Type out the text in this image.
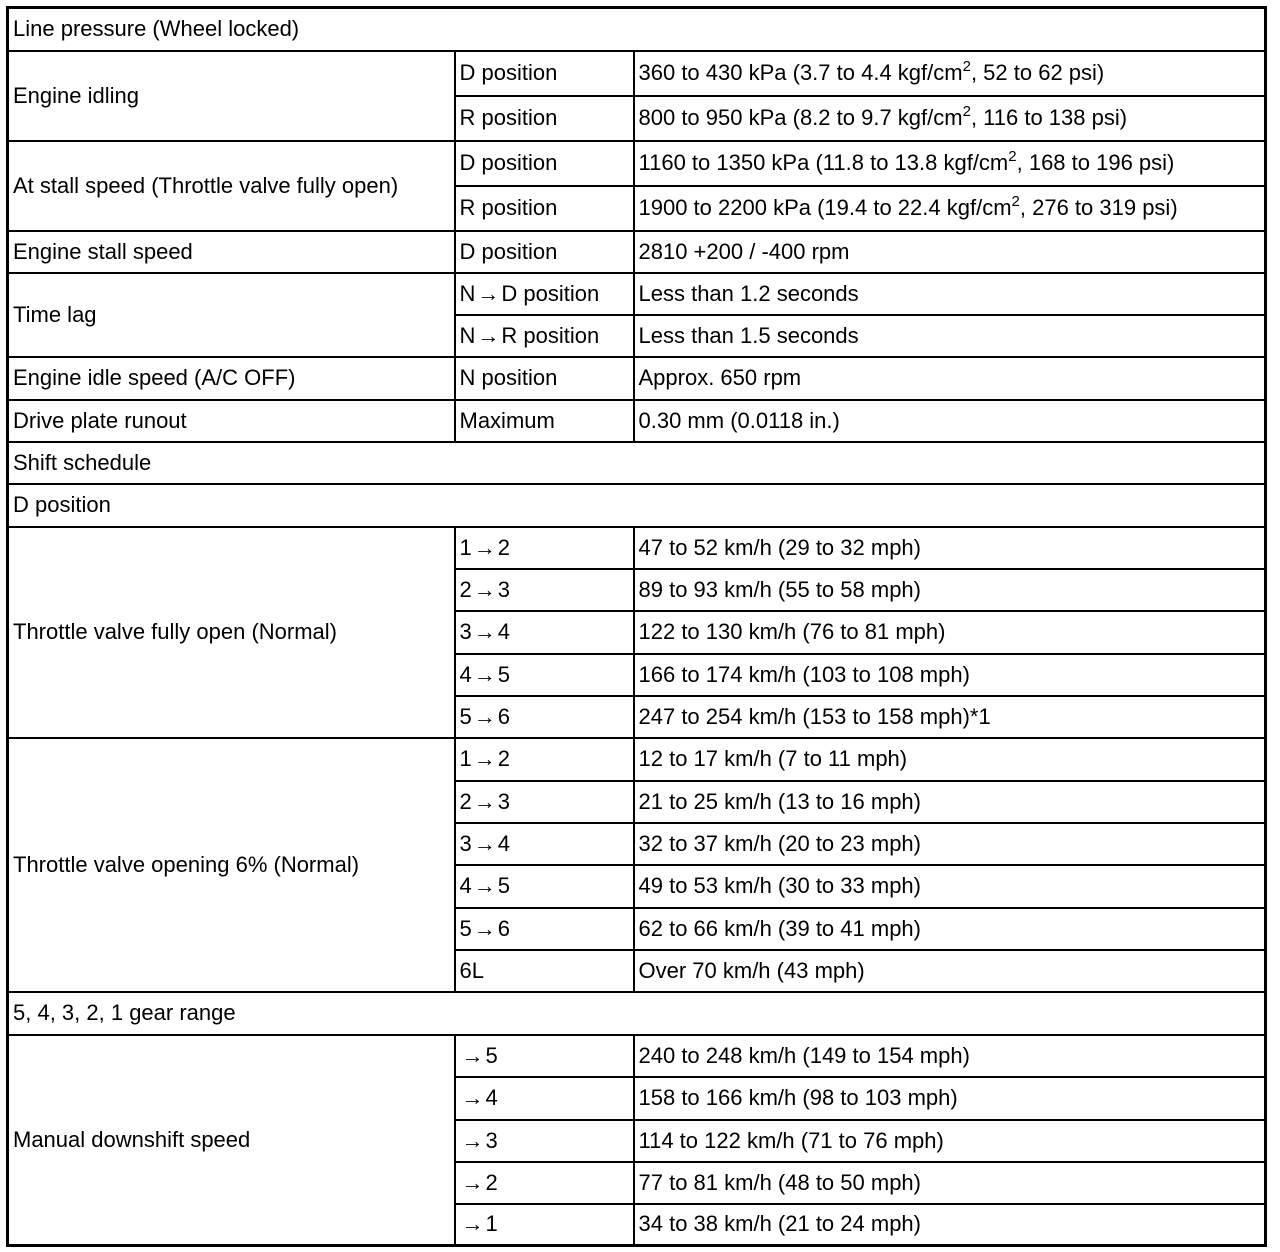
Line pressure (Wheel locked)		
Engine idling	D position	360 to 430 kPa (3.7 to 4.4 kgf/$cm^2$, 52 to 62 psi)
	R position	800 to 950 kPa (8.2 to 9.7 kgf/$cm^2$, 116 to 138 psi)
At stall speed (Throttle valve fully open)	D position	1160 to 1350 kPa (11.8 to 13.8 kgf/$cm^2$, 168 to 196 psi)
	R position	1900 to 2200 kPa (19.4 to 22.4 kgf/$cm^2$, 276 to 319 psi)
Engine stall speed	D position	2810 +200 / -400 rpm
Time lag	N→D position	Less than 1.2 seconds
	N→R position	Less than 1.5 seconds
Engine idle speed (A/C OFF)	N position	Approx. 650 rpm
Drive plate runout	Maximum	0.30 mm (0.0118 in.)
Shift schedule		
D position		
Throttle valve fully open (Normal)	1→2	47 to 52 km/h (29 to 32 mph)
	2→3	89 to 93 km/h (55 to 58 mph)
	3→4	122 to 130 km/h (76 to 81 mph)
	4→5	166 to 174 km/h (103 to 108 mph)
	5→6	247 to 254 km/h (153 to 158 mph)*1
Throttle valve opening 6% (Normal)	1→2	12 to 17 km/h (7 to 11 mph)
	2→3	21 to 25 km/h (13 to 16 mph)
	3→4	32 to 37 km/h (20 to 23 mph)
	4→5	49 to 53 km/h (30 to 33 mph)
	5→6	62 to 66 km/h (39 to 41 mph)
	6L	Over 70 km/h (43 mph)
5, 4, 3, 2, 1 gear range		
Manual downshift speed	→5	240 to 248 km/h (149 to 154 mph)
	→4	158 to 166 km/h (98 to 103 mph)
	→3	114 to 122 km/h (71 to 76 mph)
	→2	77 to 81 km/h (48 to 50 mph)
	→1	34 to 38 km/h (21 to 24 mph)
